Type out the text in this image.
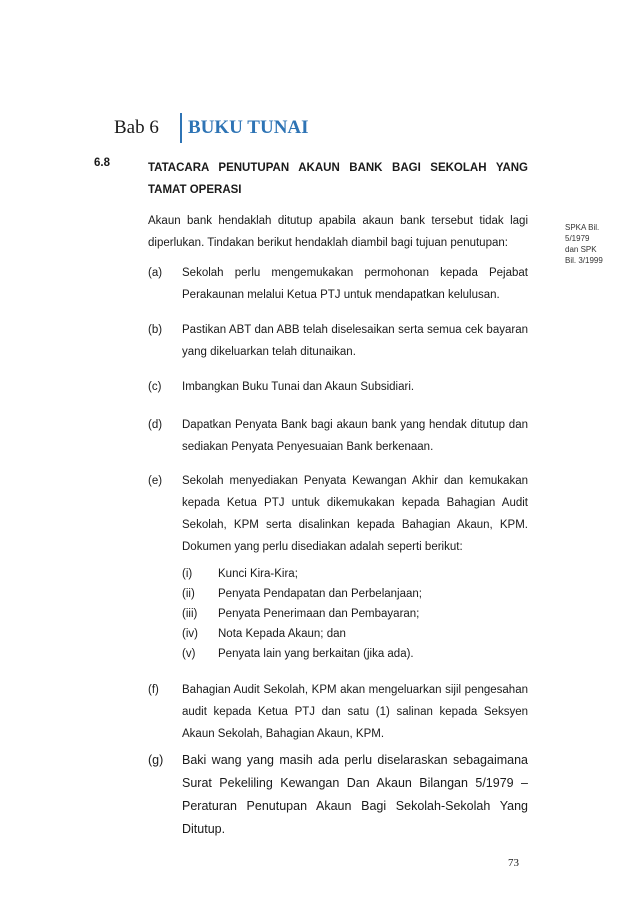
Bab 6 BUKU TUNAI
6.8	TATACARA PENUTUPAN AKAUN BANK BAGI SEKOLAH YANG TAMAT OPERASI
Akaun bank hendaklah ditutup apabila akaun bank tersebut tidak lagi diperlukan. Tindakan berikut hendaklah diambil bagi tujuan penutupan:
SPKA Bil. 5/1979 dan SPK Bil. 3/1999
(a) Sekolah perlu mengemukakan permohonan kepada Pejabat Perakaunan melalui Ketua PTJ untuk mendapatkan kelulusan.
(b) Pastikan ABT dan ABB telah diselesaikan serta semua cek bayaran yang dikeluarkan telah ditunaikan.
(c) Imbangkan Buku Tunai dan Akaun Subsidiari.
(d) Dapatkan Penyata Bank bagi akaun bank yang hendak ditutup dan sediakan Penyata Penyesuaian Bank berkenaan.
(e) Sekolah menyediakan Penyata Kewangan Akhir dan kemukakan kepada Ketua PTJ untuk dikemukakan kepada Bahagian Audit Sekolah, KPM serta disalinkan kepada Bahagian Akaun, KPM. Dokumen yang perlu disediakan adalah seperti berikut:
(i) Kunci Kira-Kira;
(ii) Penyata Pendapatan dan Perbelanjaan;
(iii) Penyata Penerimaan dan Pembayaran;
(iv) Nota Kepada Akaun; dan
(v) Penyata lain yang berkaitan (jika ada).
(f) Bahagian Audit Sekolah, KPM akan mengeluarkan sijil pengesahan audit kepada Ketua PTJ dan satu (1) salinan kepada Seksyen Akaun Sekolah, Bahagian Akaun, KPM.
(g) Baki wang yang masih ada perlu diselaraskan sebagaimana Surat Pekeliling Kewangan Dan Akaun Bilangan 5/1979 – Peraturan Penutupan Akaun Bagi Sekolah-Sekolah Yang Ditutup.
73
